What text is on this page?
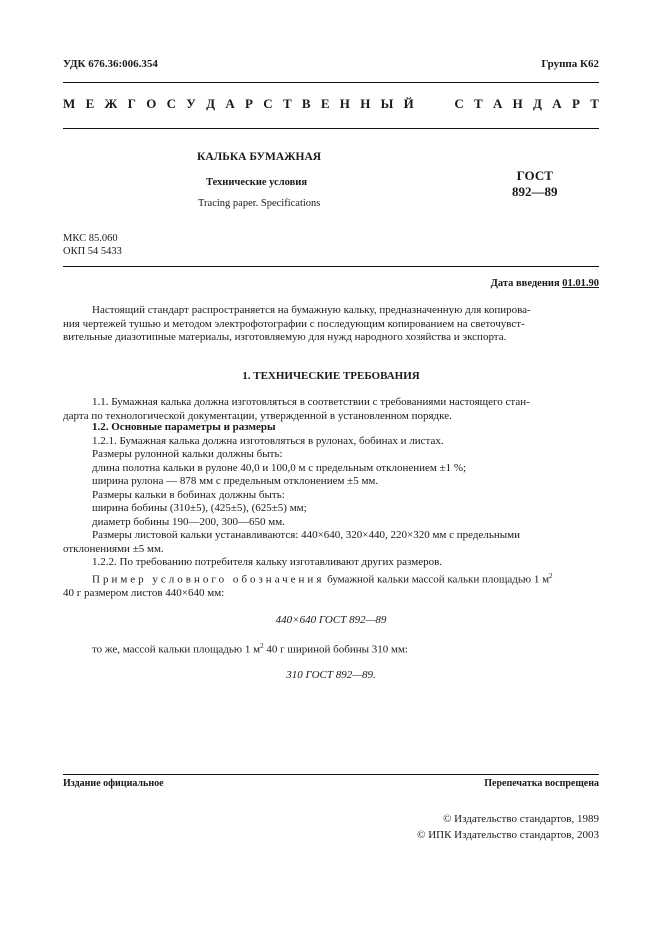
УДК 676.36:006.354	Группа К62
М Е Ж Г О С У Д А Р С Т В Е Н Н Ы Й	С Т А Н Д А Р Т
КАЛЬКА БУМАЖНАЯ
Технические условия
Tracing paper. Specifications
ГОСТ
892—89
МКС 85.060
ОКП 54 5433
Дата введения 01.01.90

Настоящий стандарт распространяется на бумажную кальку, предназначенную для копирова-

ния чертежей тушью и методом электрофотографии с последующим копированием на светочувст-

вительные диазотипные материалы, изготовляемую для нужд народного хозяйства и экспорта.

1. ТЕХНИЧЕСКИЕ ТРЕБОВАНИЯ

1.1. Бумажная калька должна изготовляться в соответствии с требованиями настоящего стан-

дарта по технологической документации, утвержденной в установленном порядке.

1.2. Основные параметры и размеры

1.2.1. Бумажная калька должна изготовляться в рулонах, бобинах и листах.

Размеры рулонной кальки должны быть:

длина полотна кальки в рулоне 40,0 и 100,0 м с предельным отклонением ±1 %;

ширина рулона — 878 мм с предельным отклонением ±5 мм.

Размеры кальки в бобинах должны быть:

ширина бобины (310±5), (425±5), (625±5) мм;

диаметр бобины 190—200, 300—650 мм.

Размеры листовой кальки устанавливаются: 440×640, 320×440, 220×320 мм с предельными

отклонениями ±5 мм.

1.2.2. По требованию потребителя кальку изготавливают других размеров.

Пример условного обозначения бумажной кальки массой кальки площадью 1 $м^2$

40 г размером листов 440×640 мм:

440×640 ГОСТ 892—89

то же, массой кальки площадью 1 $м^2$ 40 г шириной бобины 310 мм:

310 ГОСТ 892—89.

Издание официальное	Перепечатка воспрещена
© Издательство стандартов, 1989
© ИПК Издательство стандартов, 2003
